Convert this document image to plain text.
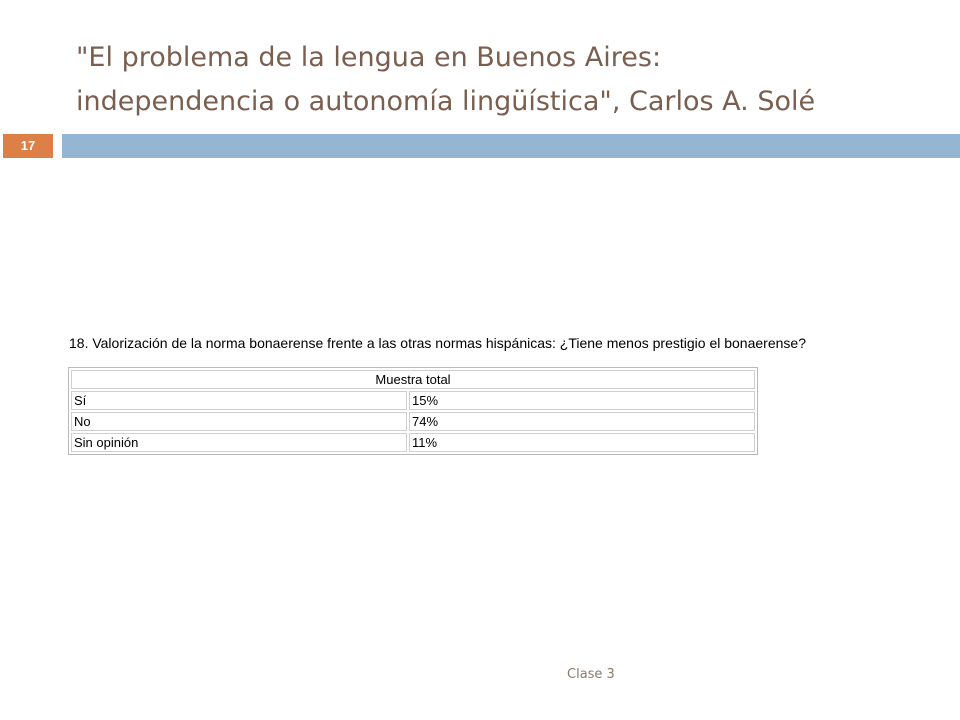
"El problema de la lengua en Buenos Aires:
independencia o autonomía lingüística", Carlos A. Solé
17

18. Valorización de la norma bonaerense frente a las otras normas hispánicas: ¿Tiene menos prestigio el bonaerense?

Muestra total	
Sí	15%
No	74%
Sin opinión	11%
Clase 3
